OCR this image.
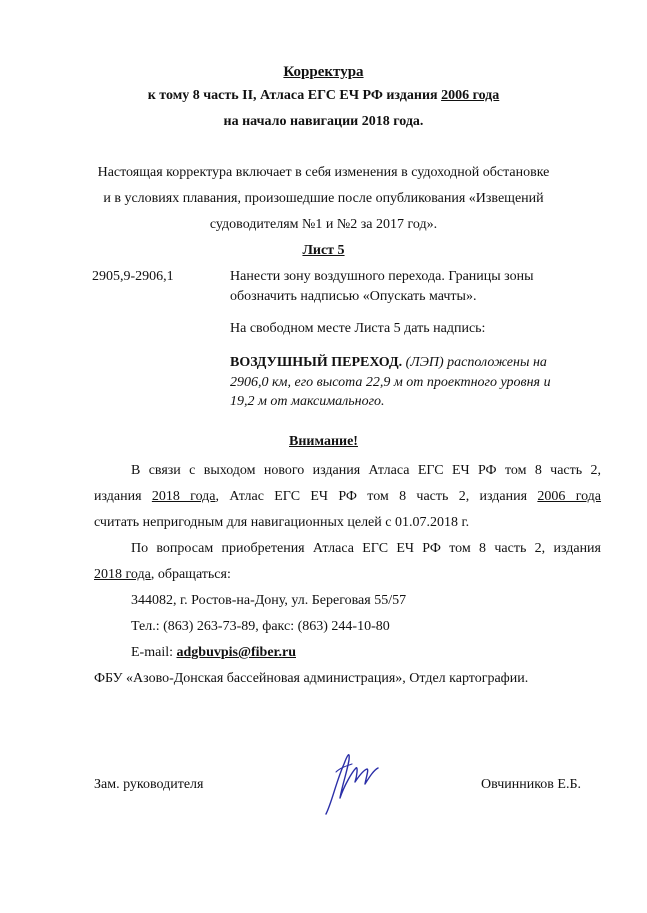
Корректура
к тому 8 часть II, Атласа ЕГС ЕЧ РФ издания 2006 года
на начало навигации 2018 года.
Настоящая корректура включает в себя изменения в судоходной обстановке
и в условиях плавания, произошедшие после опубликования «Извещений
судоводителям №1 и №2 за 2017 год».
Лист 5
2905,9-2906,1	Нанести зону воздушного перехода. Границы зоны
обозначить надписью «Опускать мачты».
На свободном месте Листа 5 дать надпись:
ВОЗДУШНЫЙ ПЕРЕХОД. (ЛЭП) расположены на
2906,0 км, его высота 22,9 м от проектного уровня и
19,2 м от максимального.
Внимание!
В связи с выходом нового издания Атласа ЕГС ЕЧ РФ том 8 часть 2,
издания 2018 года, Атлас ЕГС ЕЧ РФ том 8 часть 2, издания 2006 года
считать непригодным для навигационных целей с 01.07.2018 г.
По вопросам приобретения Атласа ЕГС ЕЧ РФ том 8 часть 2, издания
2018 года, обращаться:
344082, г. Ростов-на-Дону, ул. Береговая 55/57
Тел.: (863) 263-73-89, факс: (863) 244-10-80
E-mail: adgbuvpis@fiber.ru
ФБУ «Азово-Донская бассейновая администрация», Отдел картографии.
Зам. руководителя	Овчинников Е.Б.
